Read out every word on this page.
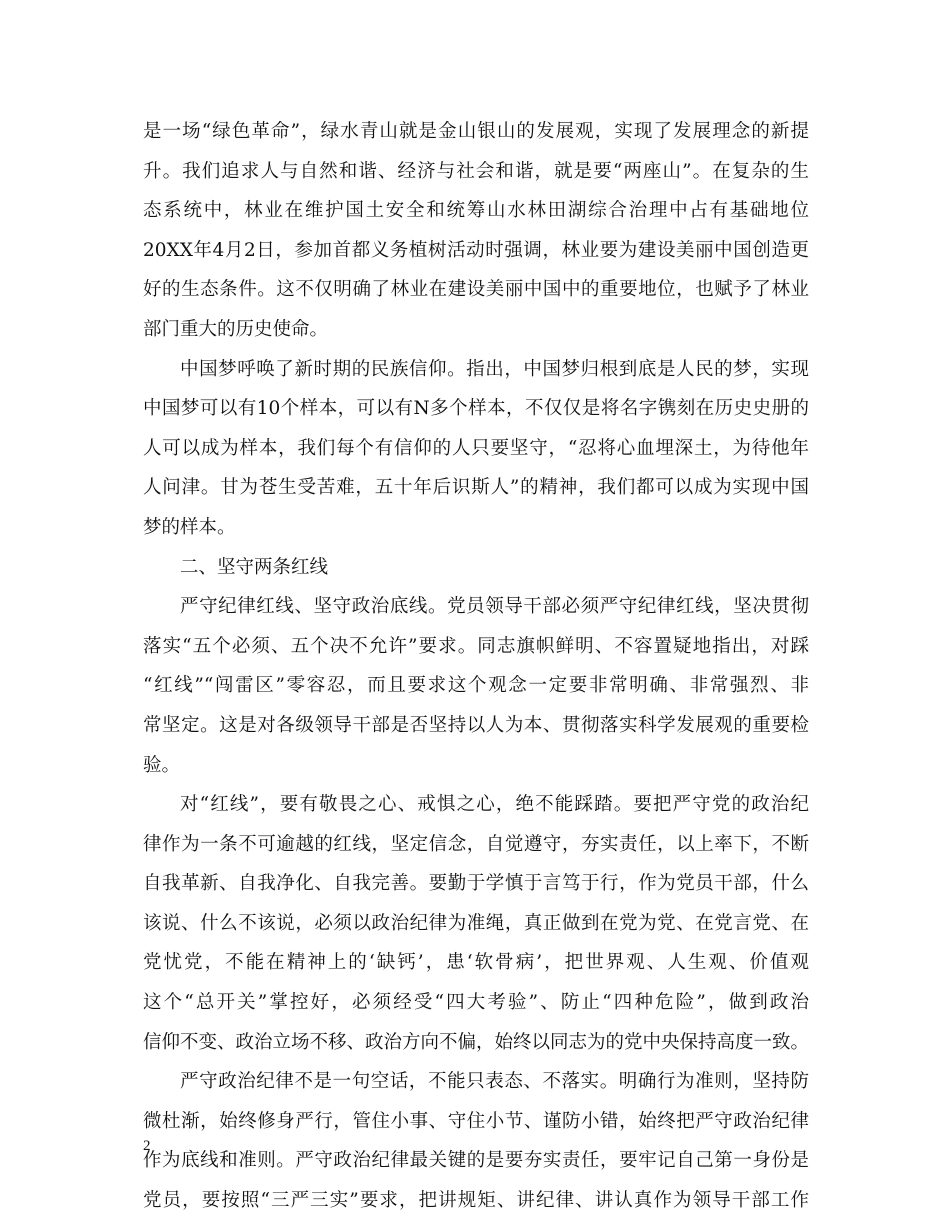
是一场“绿色革命”，绿水青山就是金山银山的发展观，实现了发展理念的新提
升。我们追求人与自然和谐、经济与社会和谐，就是要“两座山”。在复杂的生
态系统中，林业在维护国土安全和统筹山水林田湖综合治理中占有基础地位
20XX年4月2日，参加首都义务植树活动时强调，林业要为建设美丽中国创造更
好的生态条件。这不仅明确了林业在建设美丽中国中的重要地位，也赋予了林业
部门重大的历史使命。
中国梦呼唤了新时期的民族信仰。指出，中国梦归根到底是人民的梦，实现
中国梦可以有10个样本，可以有N多个样本，不仅仅是将名字镌刻在历史史册的
人可以成为样本，我们每个有信仰的人只要坚守，“忍将心血埋深土，为待他年
人问津。甘为苍生受苦难，五十年后识斯人”的精神，我们都可以成为实现中国
梦的样本。
二、坚守两条红线
严守纪律红线、坚守政治底线。党员领导干部必须严守纪律红线，坚决贯彻
落实“五个必须、五个决不允许”要求。同志旗帜鲜明、不容置疑地指出，对踩
“红线”“闯雷区”零容忍，而且要求这个观念一定要非常明确、非常强烈、非
常坚定。这是对各级领导干部是否坚持以人为本、贯彻落实科学发展观的重要检
验。
对“红线”，要有敬畏之心、戒惧之心，绝不能踩踏。要把严守党的政治纪
律作为一条不可逾越的红线，坚定信念，自觉遵守，夯实责任，以上率下，不断
自我革新、自我净化、自我完善。要勤于学慎于言笃于行，作为党员干部，什么
该说、什么不该说，必须以政治纪律为准绳，真正做到在党为党、在党言党、在
党忧党，不能在精神上的‘缺钙’，患‘软骨病’，把世界观、人生观、价值观
这个“总开关”掌控好，必须经受“四大考验”、防止“四种危险”，做到政治
信仰不变、政治立场不移、政治方向不偏，始终以同志为的党中央保持高度一致。
严守政治纪律不是一句空话，不能只表态、不落实。明确行为准则，坚持防
微杜渐，始终修身严行，管住小事、守住小节、谨防小错，始终把严守政治纪律
作为底线和准则。严守政治纪律最关键的是要夯实责任，要牢记自己第一身份是
党员，要按照“三严三实”要求，把讲规矩、讲纪律、讲认真作为领导干部工作
2
